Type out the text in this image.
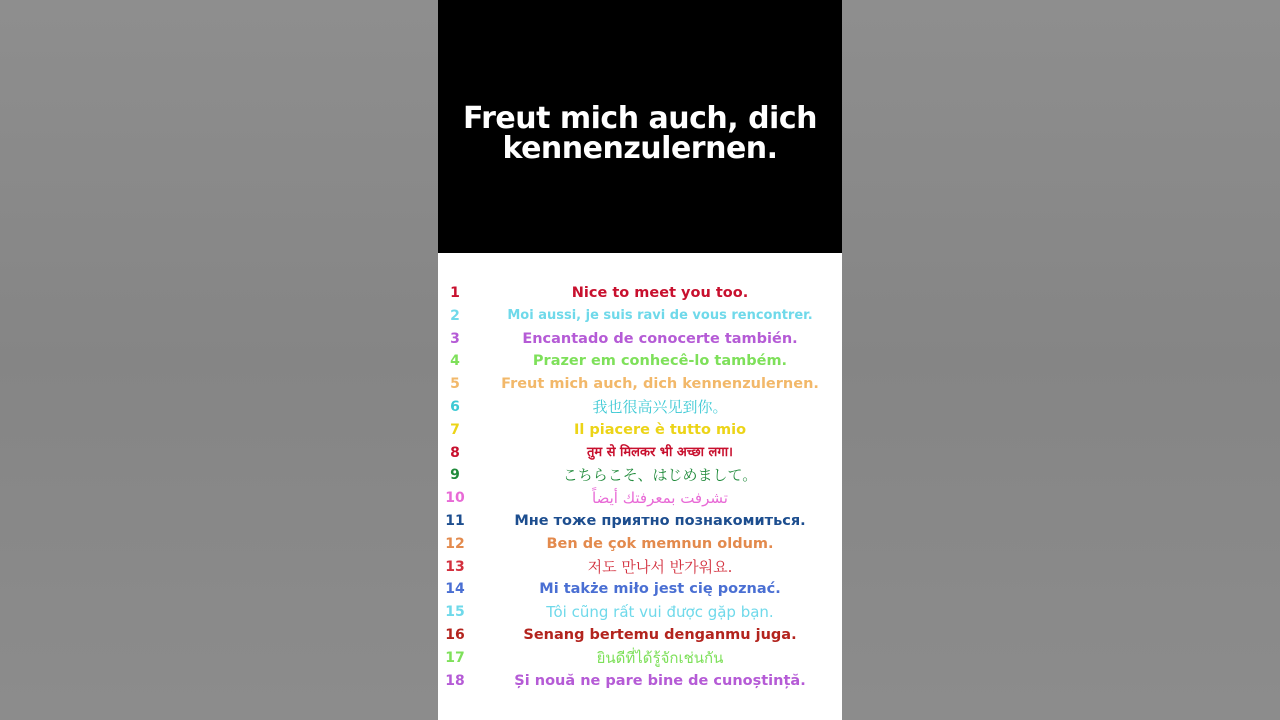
Freut mich auch, dich kennenzulernen.
1	Nice to meet you too.
2	Moi aussi, je suis ravi de vous rencontrer.
3	Encantado de conocerte también.
4	Prazer em conhecê-lo também.
5	Freut mich auch, dich kennenzulernen.
6	我也很高兴见到你。
7	Il piacere è tutto mio
8	तुम से मिलकर भी अच्छा लगा।
9	こちらこそ、はじめまして。
10	تشرفت بمعرفتك أيضاً
11	Мне тоже приятно познакомиться.
12	Ben de çok memnun oldum.
13	저도 만나서 반가워요.
14	Mi także miło jest cię poznać.
15	Tôi cũng rất vui được gặp bạn.
16	Senang bertemu denganmu juga.
17	ยินดีที่ได้รู้จักเช่นกัน
18	Și nouă ne pare bine de cunoștință.
